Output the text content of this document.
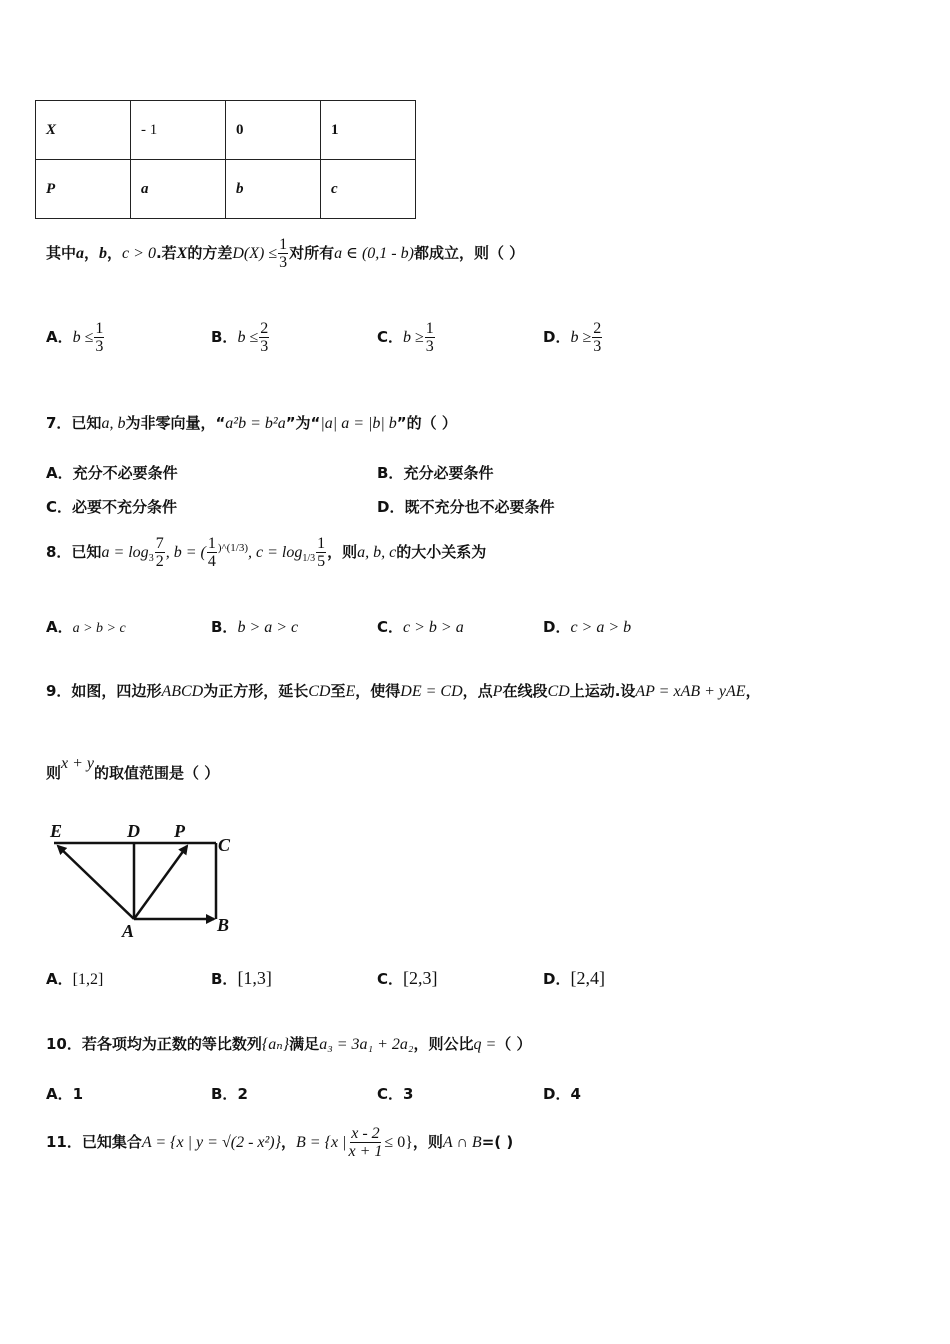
X	- 1	0	1
P	a	b	c
其中a，b，c > 0.若X的方差$D(X) \le \frac{1}{3}$ 对所有a ∈ (0,1 - b)都成立，则（ ）
A．$b \le \frac{1}{3}$	B．$b \le \frac{2}{3}$	C．$b \ge \frac{1}{3}$	D．$b \ge \frac{2}{3}$
7．已知a, b为非零向量，“a²b = b²a”为“|a| a = |b| b”的（ ）
A．充分不必要条件	B．充分必要条件
C．必要不充分条件	D．既不充分也不必要条件
8．已知$a = \log_3 \frac{7}{2}$ , b = ( $\frac{1}{4} ^{)\^{}(1/3)}$, $c = \log_{1/3} \frac{1}{5}$ ，则a, b, c的大小关系为
A．a > b > c	B．b > a > c	C．c > b > a	D．c > a > b
9．如图，四边形ABCD为正方形，延长CD至E，使得DE = CD，点P在线段CD上运动.设AP = xAB + yAE，
则x + y的取值范围是（ ）
E	D P
C
A	B
A．[1,2]	B．[1,3]	C．[2,3]	D．[2,4]
10．若各项均为正数的等比数列{aₙ}满足a₃ = 3a₁ + 2a₂，则公比q =（ ）
A．1	B．2	C．3	D．4
11．已知集合A = {x | y = √(2 - x²)}，B = {x | $\frac{x - 2}{x + 1} \le 0$}，则A ∩ B=( )
